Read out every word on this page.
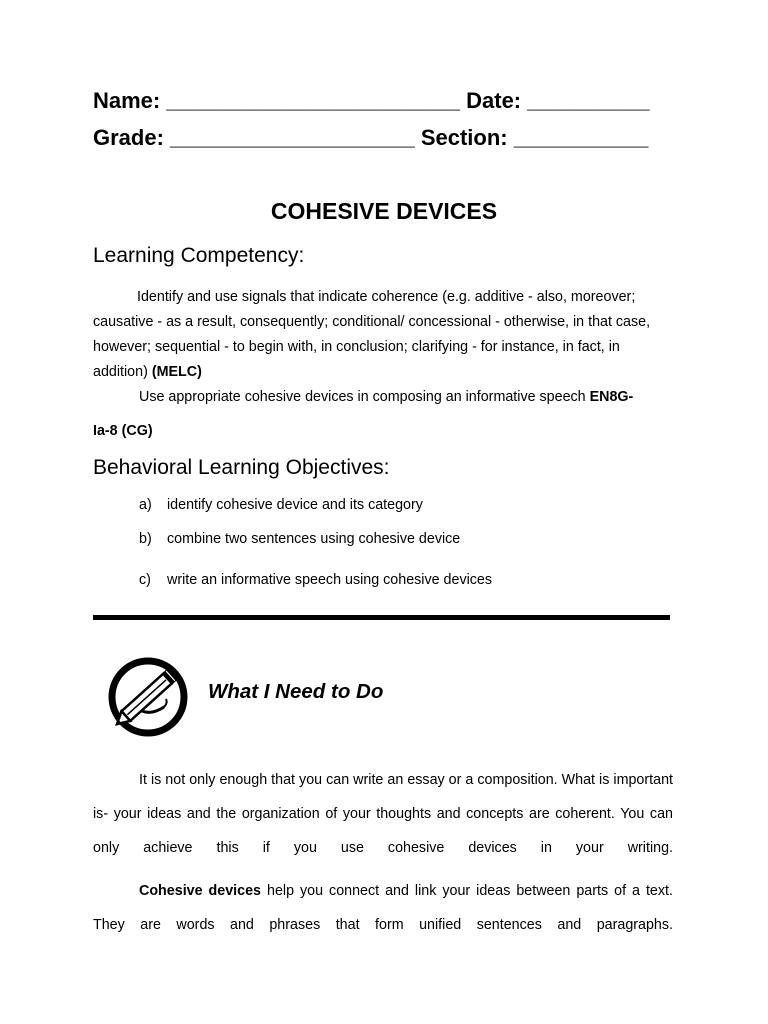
Name: ________________________ Date: __________
Grade: ____________________ Section: ___________
COHESIVE DEVICES
Learning Competency:
Identify and use signals that indicate coherence (e.g. additive - also, moreover; causative - as a result, consequently; conditional/ concessional - otherwise, in that case, however; sequential - to begin with, in conclusion; clarifying - for instance, in fact, in addition) (MELC)
Use appropriate cohesive devices in composing an informative speech EN8G-
Ia-8 (CG)
Behavioral Learning Objectives:
a) identify cohesive device and its category
b) combine two sentences using cohesive device
c) write an informative speech using cohesive devices
What I Need to Do
It is not only enough that you can write an essay or a composition. What is important is- your ideas and the organization of your thoughts and concepts are coherent. You can only achieve this if you use cohesive devices in your writing.
Cohesive devices help you connect and link your ideas between parts of a text. They are words and phrases that form unified sentences and paragraphs.
